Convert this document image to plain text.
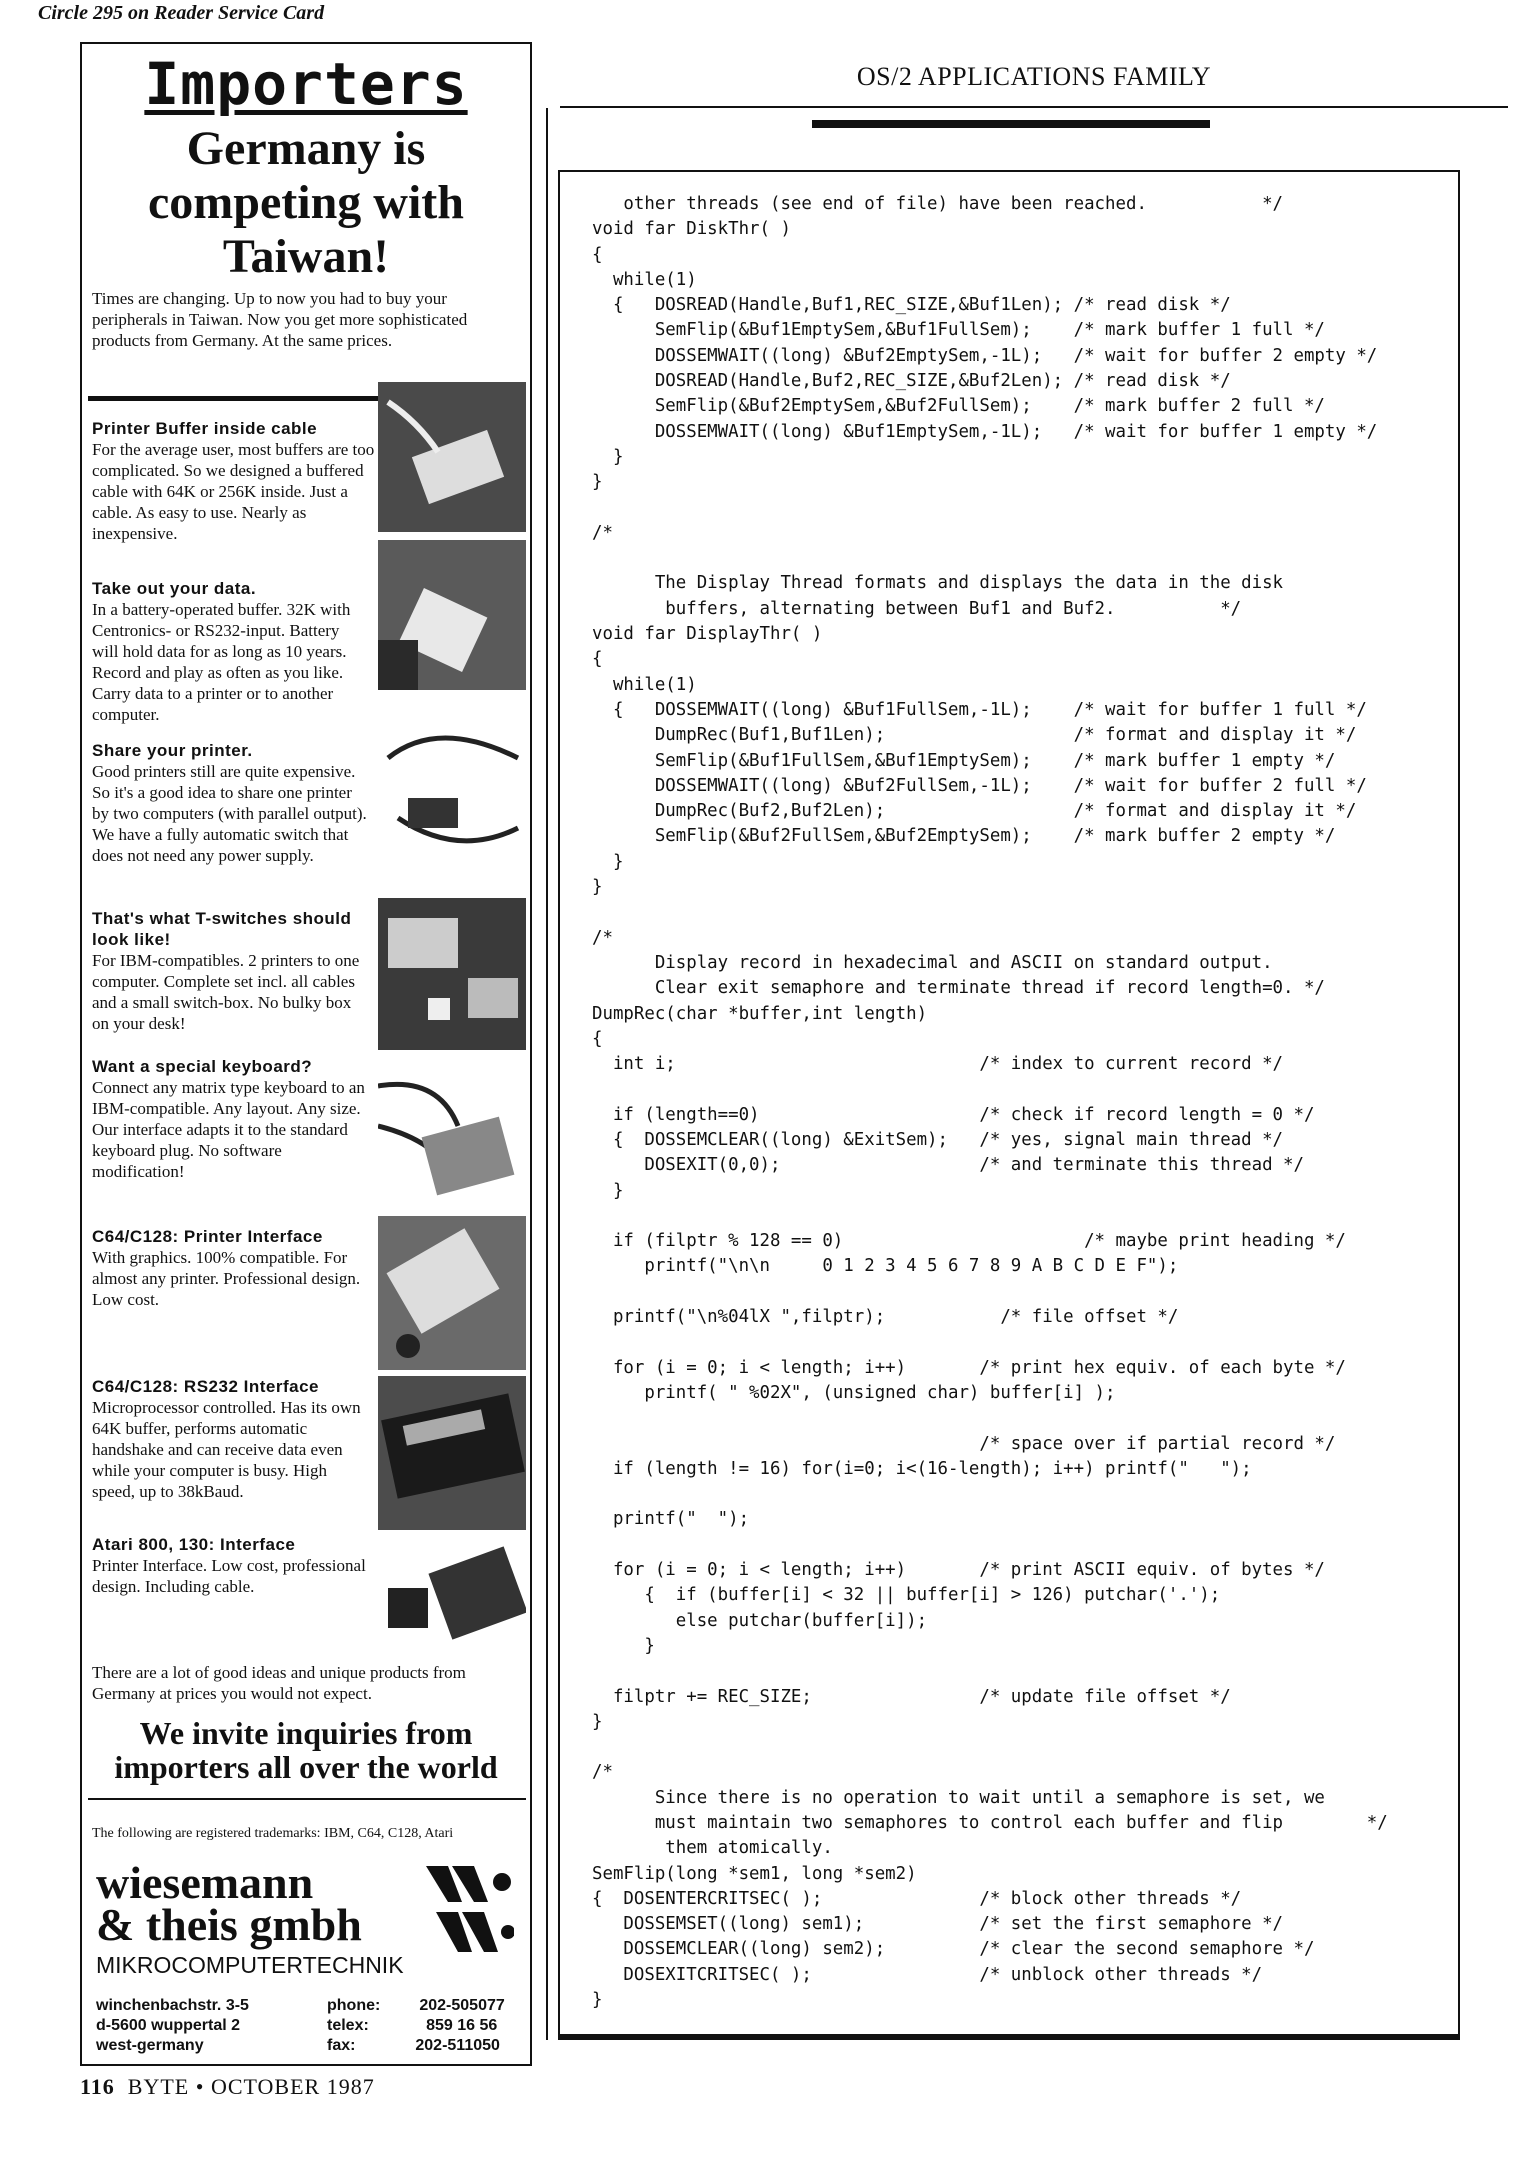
Circle 295 on Reader Service Card
Importers
Germany is competing with Taiwan!
Times are changing. Up to now you had to buy your peripherals in Taiwan. Now you get more sophisticated products from Germany. At the same prices.
Printer Buffer inside cable
For the average user, most buffers are too complicated. So we designed a buffered cable with 64K or 256K inside. Just a cable. As easy to use. Nearly as inexpensive.
Take out your data.
In a battery-operated buffer. 32K with Centronics- or RS232-input. Battery will hold data for as long as 10 years. Record and play as often as you like. Carry data to a printer or to another computer.
Share your printer.
Good printers still are quite expensive. So it's a good idea to share one printer by two computers (with parallel output). We have a fully automatic switch that does not need any power supply.
That's what T-switches should look like!
For IBM-compatibles. 2 printers to one computer. Complete set incl. all cables and a small switch-box. No bulky box on your desk!
Want a special keyboard?
Connect any matrix type keyboard to an IBM-compatible. Any layout. Any size. Our interface adapts it to the standard keyboard plug. No software modification!
C64/C128: Printer Interface
With graphics. 100% compatible. For almost any printer. Professional design. Low cost.
C64/C128: RS232 Interface
Microprocessor controlled. Has its own 64K buffer, performs automatic handshake and can receive data even while your computer is busy. High speed, up to 38kBaud.
Atari 800, 130: Interface
Printer Interface. Low cost, professional design. Including cable.
There are a lot of good ideas and unique products from Germany at prices you would not expect.
We invite inquiries from importers all over the world
The following are registered trademarks: IBM, C64, C128, Atari
wiesemann
& theis gmbh
MIKROCOMPUTERTECHNIK
winchenbachstr. 3-5
d-5600 wuppertal 2
west-germany
phone: 202-505077
telex:	859 16 56
fax:	202-511050
OS/2 APPLICATIONS FAMILY
other threads (see end of file) have been reached.           */
void far DiskThr( )
{
while(1)
{   DOSREAD(Handle,Buf1,REC_SIZE,&Buf1Len); /* read disk */
SemFlip(&Buf1EmptySem,&Buf1FullSem);    /* mark buffer 1 full */
DOSSEMWAIT((long) &Buf2EmptySem,-1L);   /* wait for buffer 2 empty */
DOSREAD(Handle,Buf2,REC_SIZE,&Buf2Len); /* read disk */
SemFlip(&Buf2EmptySem,&Buf2FullSem);    /* mark buffer 2 full */
DOSSEMWAIT((long) &Buf1EmptySem,-1L);   /* wait for buffer 1 empty */
}
}

/*

The Display Thread formats and displays the data in the disk
buffers, alternating between Buf1 and Buf2.          */
void far DisplayThr( )
{
while(1)
{   DOSSEMWAIT((long) &Buf1FullSem,-1L);    /* wait for buffer 1 full */
DumpRec(Buf1,Buf1Len);                  /* format and display it */
SemFlip(&Buf1FullSem,&Buf1EmptySem);    /* mark buffer 1 empty */
DOSSEMWAIT((long) &Buf2FullSem,-1L);    /* wait for buffer 2 full */
DumpRec(Buf2,Buf2Len);                  /* format and display it */
SemFlip(&Buf2FullSem,&Buf2EmptySem);    /* mark buffer 2 empty */
}
}

/*
Display record in hexadecimal and ASCII on standard output.
Clear exit semaphore and terminate thread if record length=0. */
DumpRec(char *buffer,int length)
{
int i;                             /* index to current record */

if (length==0)                     /* check if record length = 0 */
{  DOSSEMCLEAR((long) &ExitSem);   /* yes, signal main thread */
DOSEXIT(0,0);                   /* and terminate this thread */
}

if (filptr % 128 == 0)                       /* maybe print heading */
printf("\n\n     0 1 2 3 4 5 6 7 8 9 A B C D E F");

printf("\n%04lX ",filptr);           /* file offset */

for (i = 0; i < length; i++)       /* print hex equiv. of each byte */
printf( " %02X", (unsigned char) buffer[i] );

/* space over if partial record */
if (length != 16) for(i=0; i<(16-length); i++) printf("   ");

printf("  ");

for (i = 0; i < length; i++)       /* print ASCII equiv. of bytes */
{  if (buffer[i] < 32 || buffer[i] > 126) putchar('.');
else putchar(buffer[i]);
}

filptr += REC_SIZE;                /* update file offset */
}

/*
Since there is no operation to wait until a semaphore is set, we
must maintain two semaphores to control each buffer and flip        */
them atomically.
SemFlip(long *sem1, long *sem2)
{  DOSENTERCRITSEC( );               /* block other threads */
DOSSEMSET((long) sem1);           /* set the first semaphore */
DOSSEMCLEAR((long) sem2);         /* clear the second semaphore */
DOSEXITCRITSEC( );                /* unblock other threads */
}
116 BYTE • OCTOBER 1987
